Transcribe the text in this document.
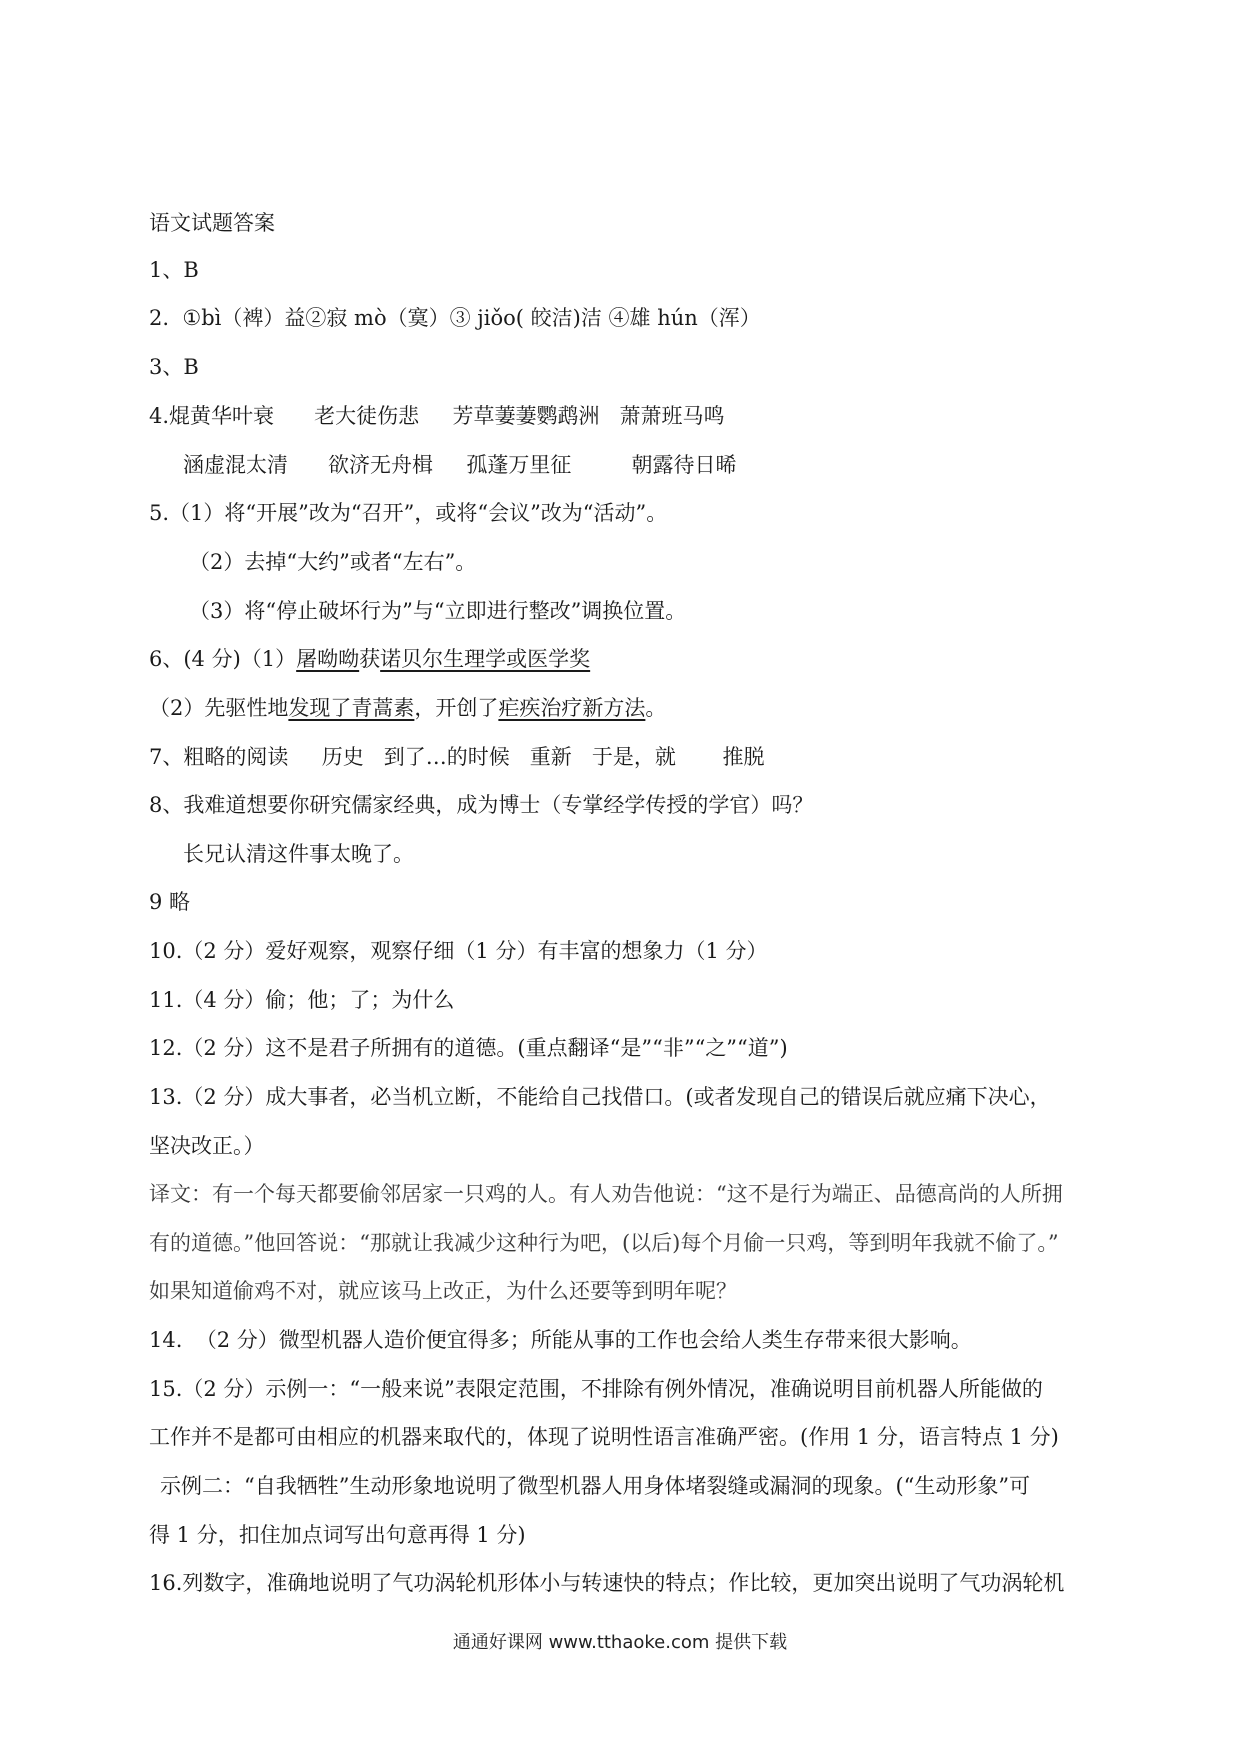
语文试题答案
1、B
2.  ①bì（裨）益②寂 mò（寞）③ jiǒo( 皎洁)洁 ④雄 hún（浑）
3、B
4.焜黄华叶衰      老大徒伤悲     芳草萋萋鹦鹉洲   萧萧班马鸣
涵虚混太清      欲济无舟楫     孤蓬万里征         朝露待日晞
5.（1）将“开展”改为“召开”，或将“会议”改为“活动”。
（2）去掉“大约”或者“左右”。
（3）将“停止破坏行为”与“立即进行整改”调换位置。
6、(4 分)（1）屠呦呦获诺贝尔生理学或医学奖
（2）先驱性地发现了青蒿素，开创了疟疾治疗新方法。
7、粗略的阅读     历史   到了…的时候   重新   于是，就       推脱
8、我难道想要你研究儒家经典，成为博士（专掌经学传授的学官）吗？
长兄认清这件事太晚了。
9 略
10.（2 分）爱好观察，观察仔细（1 分）有丰富的想象力（1 分）
11.（4 分）偷；他；了；为什么
12.（2 分）这不是君子所拥有的道德。(重点翻译“是”“非”“之”“道”)
13.（2 分）成大事者，必当机立断，不能给自己找借口。(或者发现自己的错误后就应痛下决心，
坚决改正。）
译文：有一个每天都要偷邻居家一只鸡的人。有人劝告他说：“这不是行为端正、品德高尚的人所拥
有的道德。”他回答说：“那就让我减少这种行为吧，(以后)每个月偷一只鸡，等到明年我就不偷了。”
如果知道偷鸡不对，就应该马上改正，为什么还要等到明年呢？
14.  （2 分）微型机器人造价便宜得多；所能从事的工作也会给人类生存带来很大影响。
15.（2 分）示例一：“一般来说”表限定范围，不排除有例外情况，准确说明目前机器人所能做的
工作并不是都可由相应的机器来取代的，体现了说明性语言准确严密。(作用 1 分，语言特点 1 分)
示例二：“自我牺牲”生动形象地说明了微型机器人用身体堵裂缝或漏洞的现象。(“生动形象”可
得 1 分，扣住加点词写出句意再得 1 分)
16.列数字，准确地说明了气功涡轮机形体小与转速快的特点；作比较，更加突出说明了气功涡轮机
通通好课网 www.tthaoke.com 提供下载
